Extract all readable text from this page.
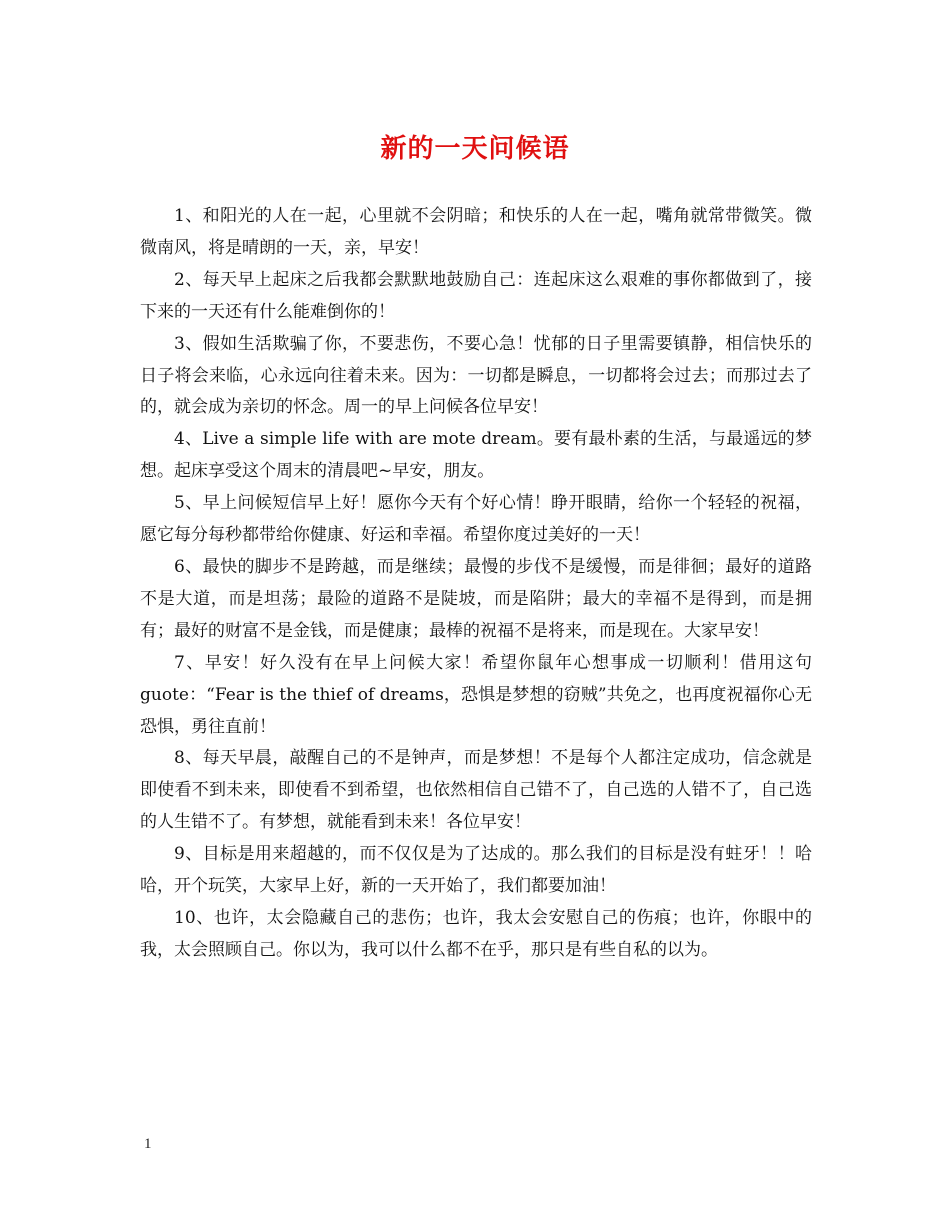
新的一天问候语

1、和阳光的人在一起，心里就不会阴暗；和快乐的人在一起，嘴角就常带微笑。微微南风，将是晴朗的一天，亲，早安！

2、每天早上起床之后我都会默默地鼓励自己：连起床这么艰难的事你都做到了，接下来的一天还有什么能难倒你的！

3、假如生活欺骗了你，不要悲伤，不要心急！忧郁的日子里需要镇静，相信快乐的日子将会来临，心永远向往着未来。因为：一切都是瞬息，一切都将会过去；而那过去了的，就会成为亲切的怀念。周一的早上问候各位早安！

4、Live a simple life with are mote dream。要有最朴素的生活，与最遥远的梦想。起床享受这个周末的清晨吧~早安，朋友。

5、早上问候短信早上好！愿你今天有个好心情！睁开眼睛，给你一个轻轻的祝福，愿它每分每秒都带给你健康、好运和幸福。希望你度过美好的一天！

6、最快的脚步不是跨越，而是继续；最慢的步伐不是缓慢，而是徘徊；最好的道路不是大道，而是坦荡；最险的道路不是陡坡，而是陷阱；最大的幸福不是得到，而是拥有；最好的财富不是金钱，而是健康；最棒的祝福不是将来，而是现在。大家早安！

7、早安！好久没有在早上问候大家！希望你鼠年心想事成一切顺利！借用这句guote：“Fear is the thief of dreams，恐惧是梦想的窃贼”共免之，也再度祝福你心无恐惧，勇往直前！

8、每天早晨，敲醒自己的不是钟声，而是梦想！不是每个人都注定成功，信念就是即使看不到未来，即使看不到希望，也依然相信自己错不了，自己选的人错不了，自己选的人生错不了。有梦想，就能看到未来！各位早安！

9、目标是用来超越的，而不仅仅是为了达成的。那么我们的目标是没有蛀牙！！哈哈，开个玩笑，大家早上好，新的一天开始了，我们都要加油！

10、也许，太会隐藏自己的悲伤；也许，我太会安慰自己的伤痕；也许，你眼中的我，太会照顾自己。你以为，我可以什么都不在乎，那只是有些自私的以为。

1
